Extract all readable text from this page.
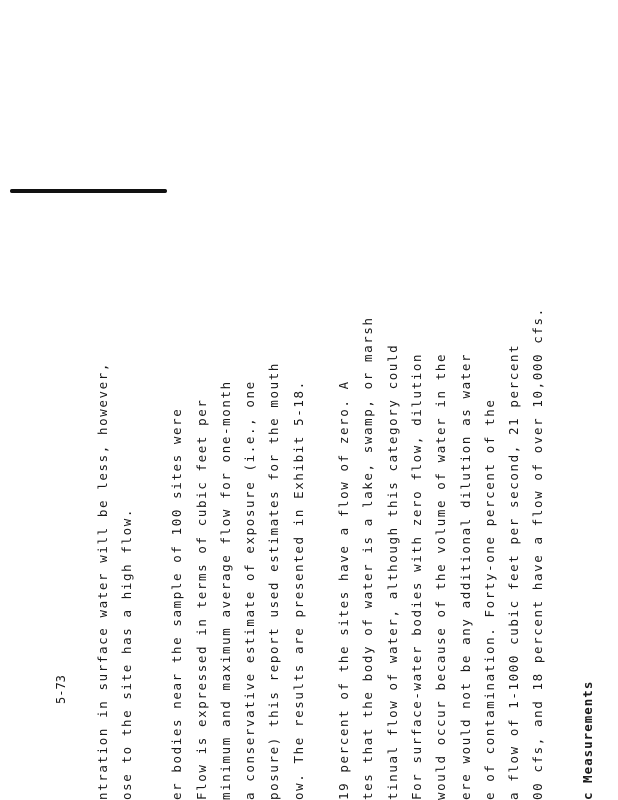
5-73 ntration in surface water will be less, however, ose to the site has a high flow.	er bodies near the sample of 100 sites were Flow is expressed in terms of cubic feet per minimum and maximum average flow for one-month a conservative estimate of exposure (i.e., one posure) this report used estimates for the mouth ow. The results are presented in Exhibit 5-18. 19 percent of the sites have a flow of zero. A tes that the body of water is a lake, swamp, or marsh tinual flow of water, although this category could For surface-water bodies with zero flow, dilution would occur because of the volume of water in the ere would not be any additional dilution as water e of contamination. Forty-one percent of the a flow of 1-1000 cubic feet per second, 21 percent 00 cfs, and 18 percent have a flow of over 10,000 cfs.	c Measurements
